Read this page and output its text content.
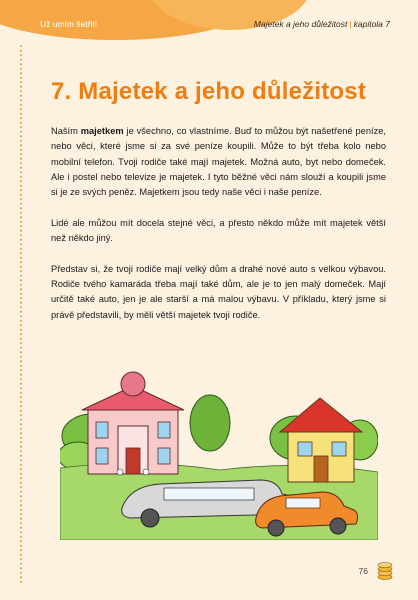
Už umím šetřit!	Majetek a jeho důležitost | kapitola 7
7. Majetek a jeho důležitost

Naším majetkem je všechno, co vlastníme. Buď to můžou být našetřené peníze, nebo věci, které jsme si za své peníze koupili. Může to být třeba kolo nebo mobilní telefon. Tvoji rodiče také mají majetek. Možná auto, byt nebo domeček. Ale i postel nebo televize je majetek. I tyto běžné věci nám slouží a koupili jsme si je ze svých peněz. Majetkem jsou tedy naše věci i naše peníze.

Lidé ale můžou mít docela stejné věci, a přesto někdo může mít majetek větší než někdo jiný.

Představ si, že tvoji rodiče mají velký dům a drahé nové auto s velkou výbavou. Rodiče tvého kamaráda třeba mají také dům, ale je to jen malý domeček. Mají určitě také auto, jen je ale starší a má malou výbavu. V příkladu, který jsme si právě představili, by měli větší majetek tvoji rodiče.

76
